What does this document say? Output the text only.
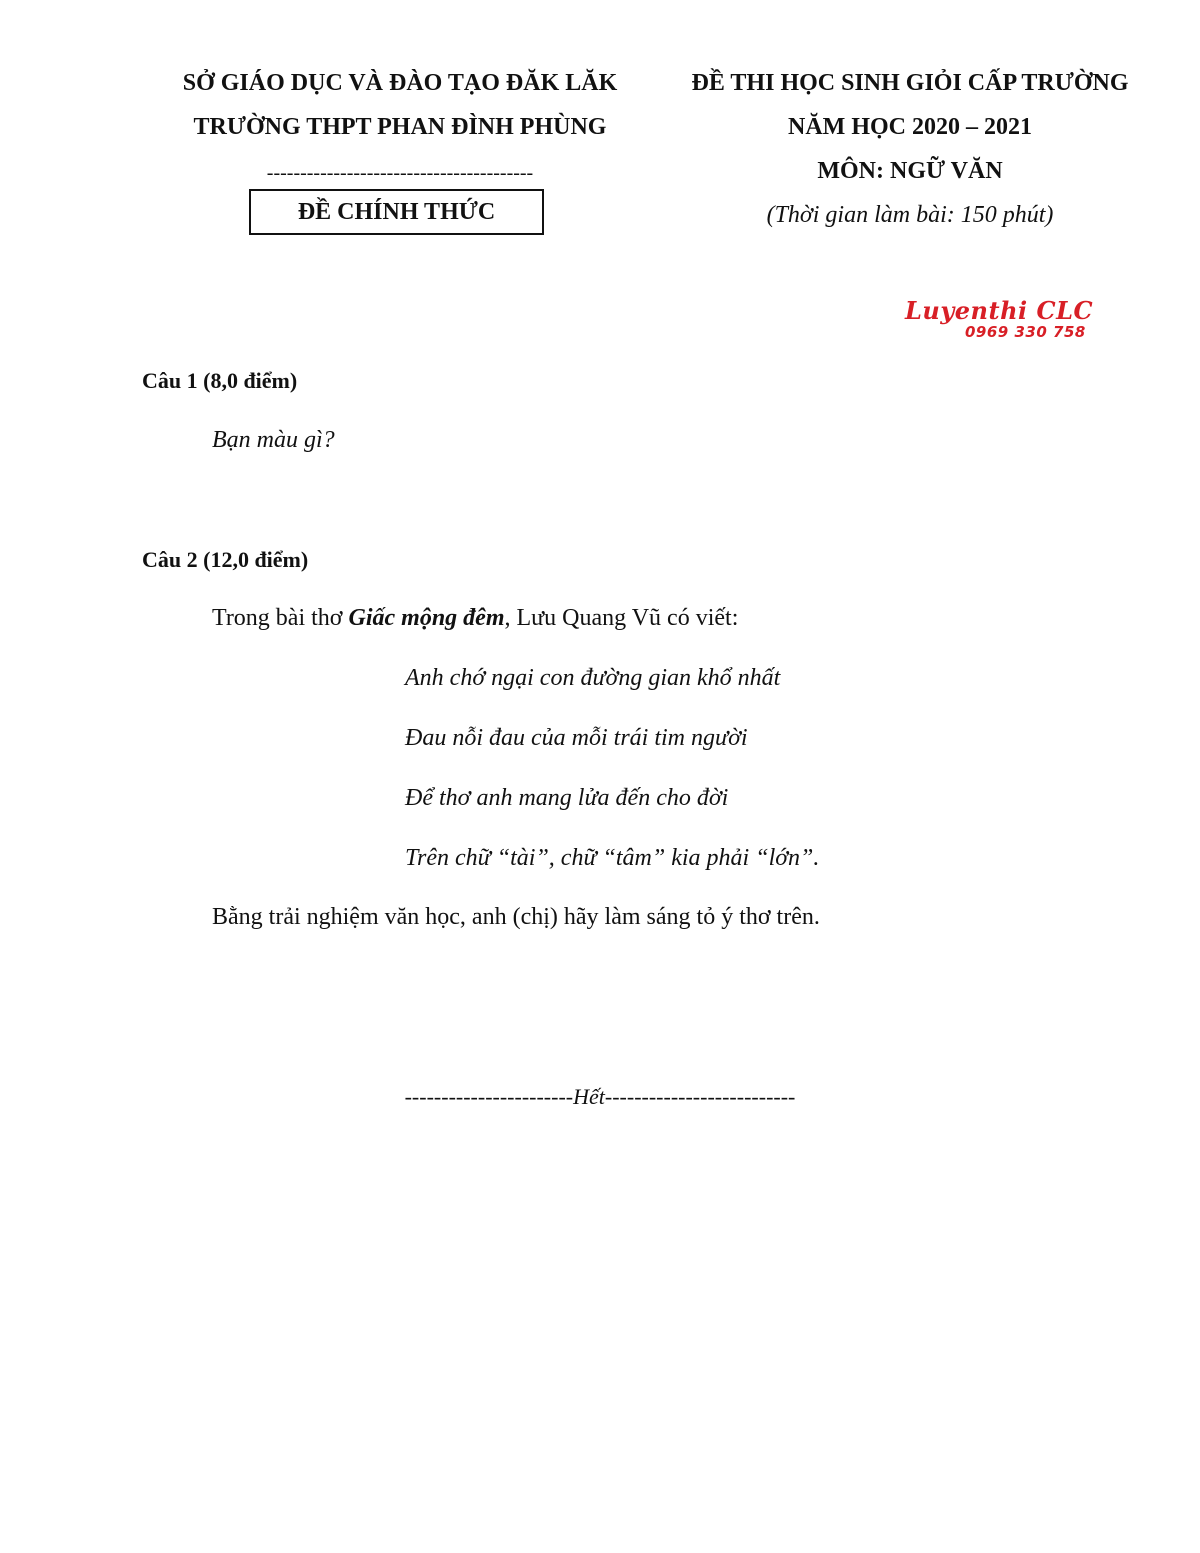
SỞ GIÁO DỤC VÀ ĐÀO TẠO ĐĂK LĂK
TRƯỜNG THPT PHAN ĐÌNH PHÙNG
----------------------------------------
ĐỀ CHÍNH THỨC
ĐỀ THI HỌC SINH GIỎI CẤP TRƯỜNG
NĂM HỌC 2020 – 2021
MÔN: NGỮ VĂN
(Thời gian làm bài: 150 phút)
Luyenthi CLC
0969 330 758
Câu 1 (8,0 điểm)
Bạn màu gì?
Câu 2 (12,0 điểm)
Trong bài thơ Giấc mộng đêm, Lưu Quang Vũ có viết:
Anh chớ ngại con đường gian khổ nhất
Đau nỗi đau của mỗi trái tim người
Để thơ anh mang lửa đến cho đời
Trên chữ “tài”, chữ “tâm” kia phải “lớn”.
Bằng trải nghiệm văn học, anh (chị) hãy làm sáng tỏ ý thơ trên.
-----------------------Hết--------------------------
